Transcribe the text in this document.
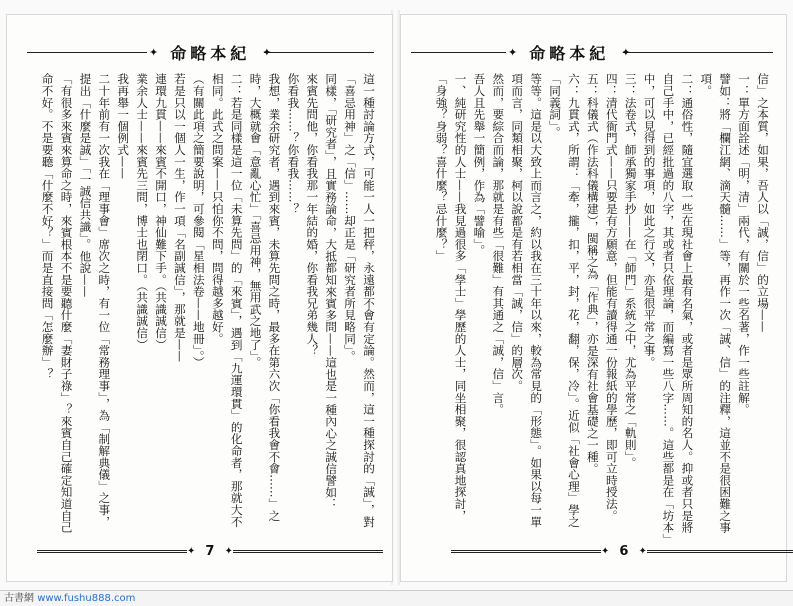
✦ 命略本紀	✦
這一種討論方式，可能一人一把秤，永遠都不會有定論。然而，這一種探討的「誠」，對
「喜忌用神」之「信」……却正是「研究者所見略同」。
同樣，「研究者」，且實務論命，大抵都知來賓多問——這也是一種內心之誠信譬如：
來賓先問他，你看我那一年結的婚，你看我兄弟幾人？
你看我……？你看我……？
我想，業余研究者，遇到來賓，未算先問之時，最多在第六次「你看我會不會……」之
時，大概就會「意亂心忙」「喜忌用神，無用武之地了」。
二：若是同樣是這一位「未算先問」的「來賓」，遇到「九運環貫」的化命者，那就大不
相同。此式之問案——只怕你不問，問得越多越好。
（有關此項之簡要說明，可參閱「星相法卷——地冊」。）
若是只以一個人一生，作一項「名副誠信」，那就是——
連環九貫——來賓不開口，神仙難下手。（共識誠信）
業余人士——來賓先三問，博士也閉口。（共識誠信）
我再舉一個例式——
二十年前有一次我在「理事會」席次之時，有一位「常務理事」，為「制解典儀」之事，
提出「什麼是誠」「一誠信共識」。他說——
「有很多來賓來算命之時，來賓根本不是要聽什麼「妻財子祿」？來賓自己確定知道自己
命不好。不是要聽「什麼不好？」而是直接問「怎麼辦」？
✦ 7	✦
✦ 命略本紀	✦
信」之本質，如果，吾人以「誠，信」的立場——
一：單方面詮述「明，清」兩代，有關於一些名著，作一些註解。
譬如：將「欄江網、滴天髓……」等，再作一次「誠、信」的注釋，這並不是很困難之事
項。
二：通俗性，隨宜選取一些在現社會上最有名氣，或者是眾所周知的名人。抑或者只是將
自己手中，已經批過的八字，其或者只依理論，而編寫一些八字……。這些都是在「坊本」
中，可以見得到的事項，如此之行文，亦是很平常之事。
三：法卷式，師承獨家手抄——在「師門」系統之中，尤為平常之「軌則」。
四：清代衙門式——只要是有方願意，但能有讀得通一份報紙的學歷，即可立時授法。
五：科儀式（作法科儀構建），閩稱之為「作典」，亦是深有社會基礎之一種。
六：九貫式，所謂：「牽，攏，扣，平，封，花，翻，保，冷」。近似「社會心理」學之
「同義詞」。
等等。這是以大致上而言之，約以我在三十年以來，較為常見的「形態」。如果以每一單
項而言，同類相聚，柯以說都是有若相當「誠，信」的層次。
然而，要綜合而論，那就是有些「很難」有其通之「誠，信」言。
吾人且先舉一簡例，作為「譬喻」。
一、純研究性的人士——我見過很多「學士」學歷的人士，同坐相聚，很認真地探討，
「身強？身弱？喜什麼？忌什麼？」
✦ 6	✦
古書網 www.fushu888.com
